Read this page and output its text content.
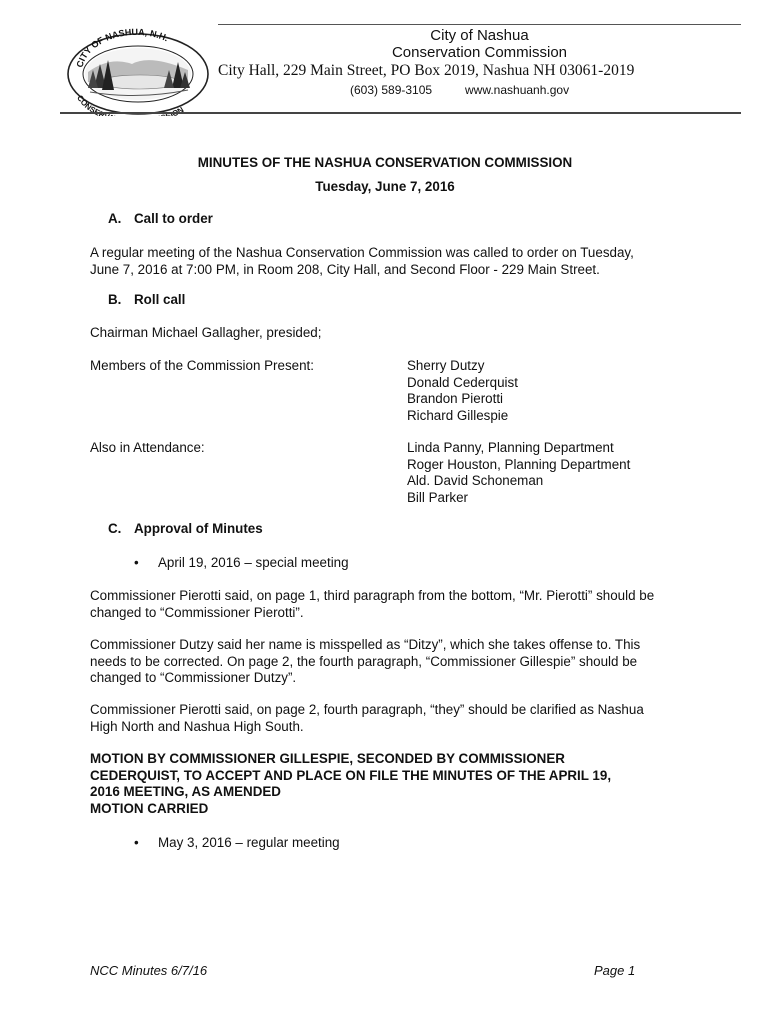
CITY OF NASHUA, N.H.
CONSER ION
City of Nashua
Conservation Commission
City Hall, 229 Main Street, PO Box 2019, Nashua NH 03061-2019
(603) 589-3105	www.nashuanh.gov
MINUTES OF THE NASHUA CONSERVATION COMMISSION
Tuesday, June 7, 2016
A. Call to order
A regular meeting of the Nashua Conservation Commission was called to order on Tuesday,
June 7, 2016 at 7:00 PM, in Room 208, City Hall, and Second Floor - 229 Main Street.
B. Roll call
Chairman Michael Gallagher, presided;
Members of the Commission Present:	Sherry Dutzy
Donald Cederquist
Brandon Pierotti
Richard Gillespie
Also in Attendance:	Linda Panny, Planning Department
Roger Houston, Planning Department
Ald. David Schoneman
Bill Parker
C. Approval of Minutes
• April 19, 2016 – special meeting
Commissioner Pierotti said, on page 1, third paragraph from the bottom, “Mr. Pierotti” should be
changed to “Commissioner Pierotti”.
Commissioner Dutzy said her name is misspelled as “Ditzy”, which she takes offense to. This
needs to be corrected. On page 2, the fourth paragraph, “Commissioner Gillespie” should be
changed to “Commissioner Dutzy”.
Commissioner Pierotti said, on page 2, fourth paragraph, “they” should be clarified as Nashua
High North and Nashua High South.
MOTION BY COMMISSIONER GILLESPIE, SECONDED BY COMMISSIONER
CEDERQUIST, TO ACCEPT AND PLACE ON FILE THE MINUTES OF THE APRIL 19,
2016 MEETING, AS AMENDED
MOTION CARRIED
• May 3, 2016 – regular meeting
NCC Minutes 6/7/16	Page 1
